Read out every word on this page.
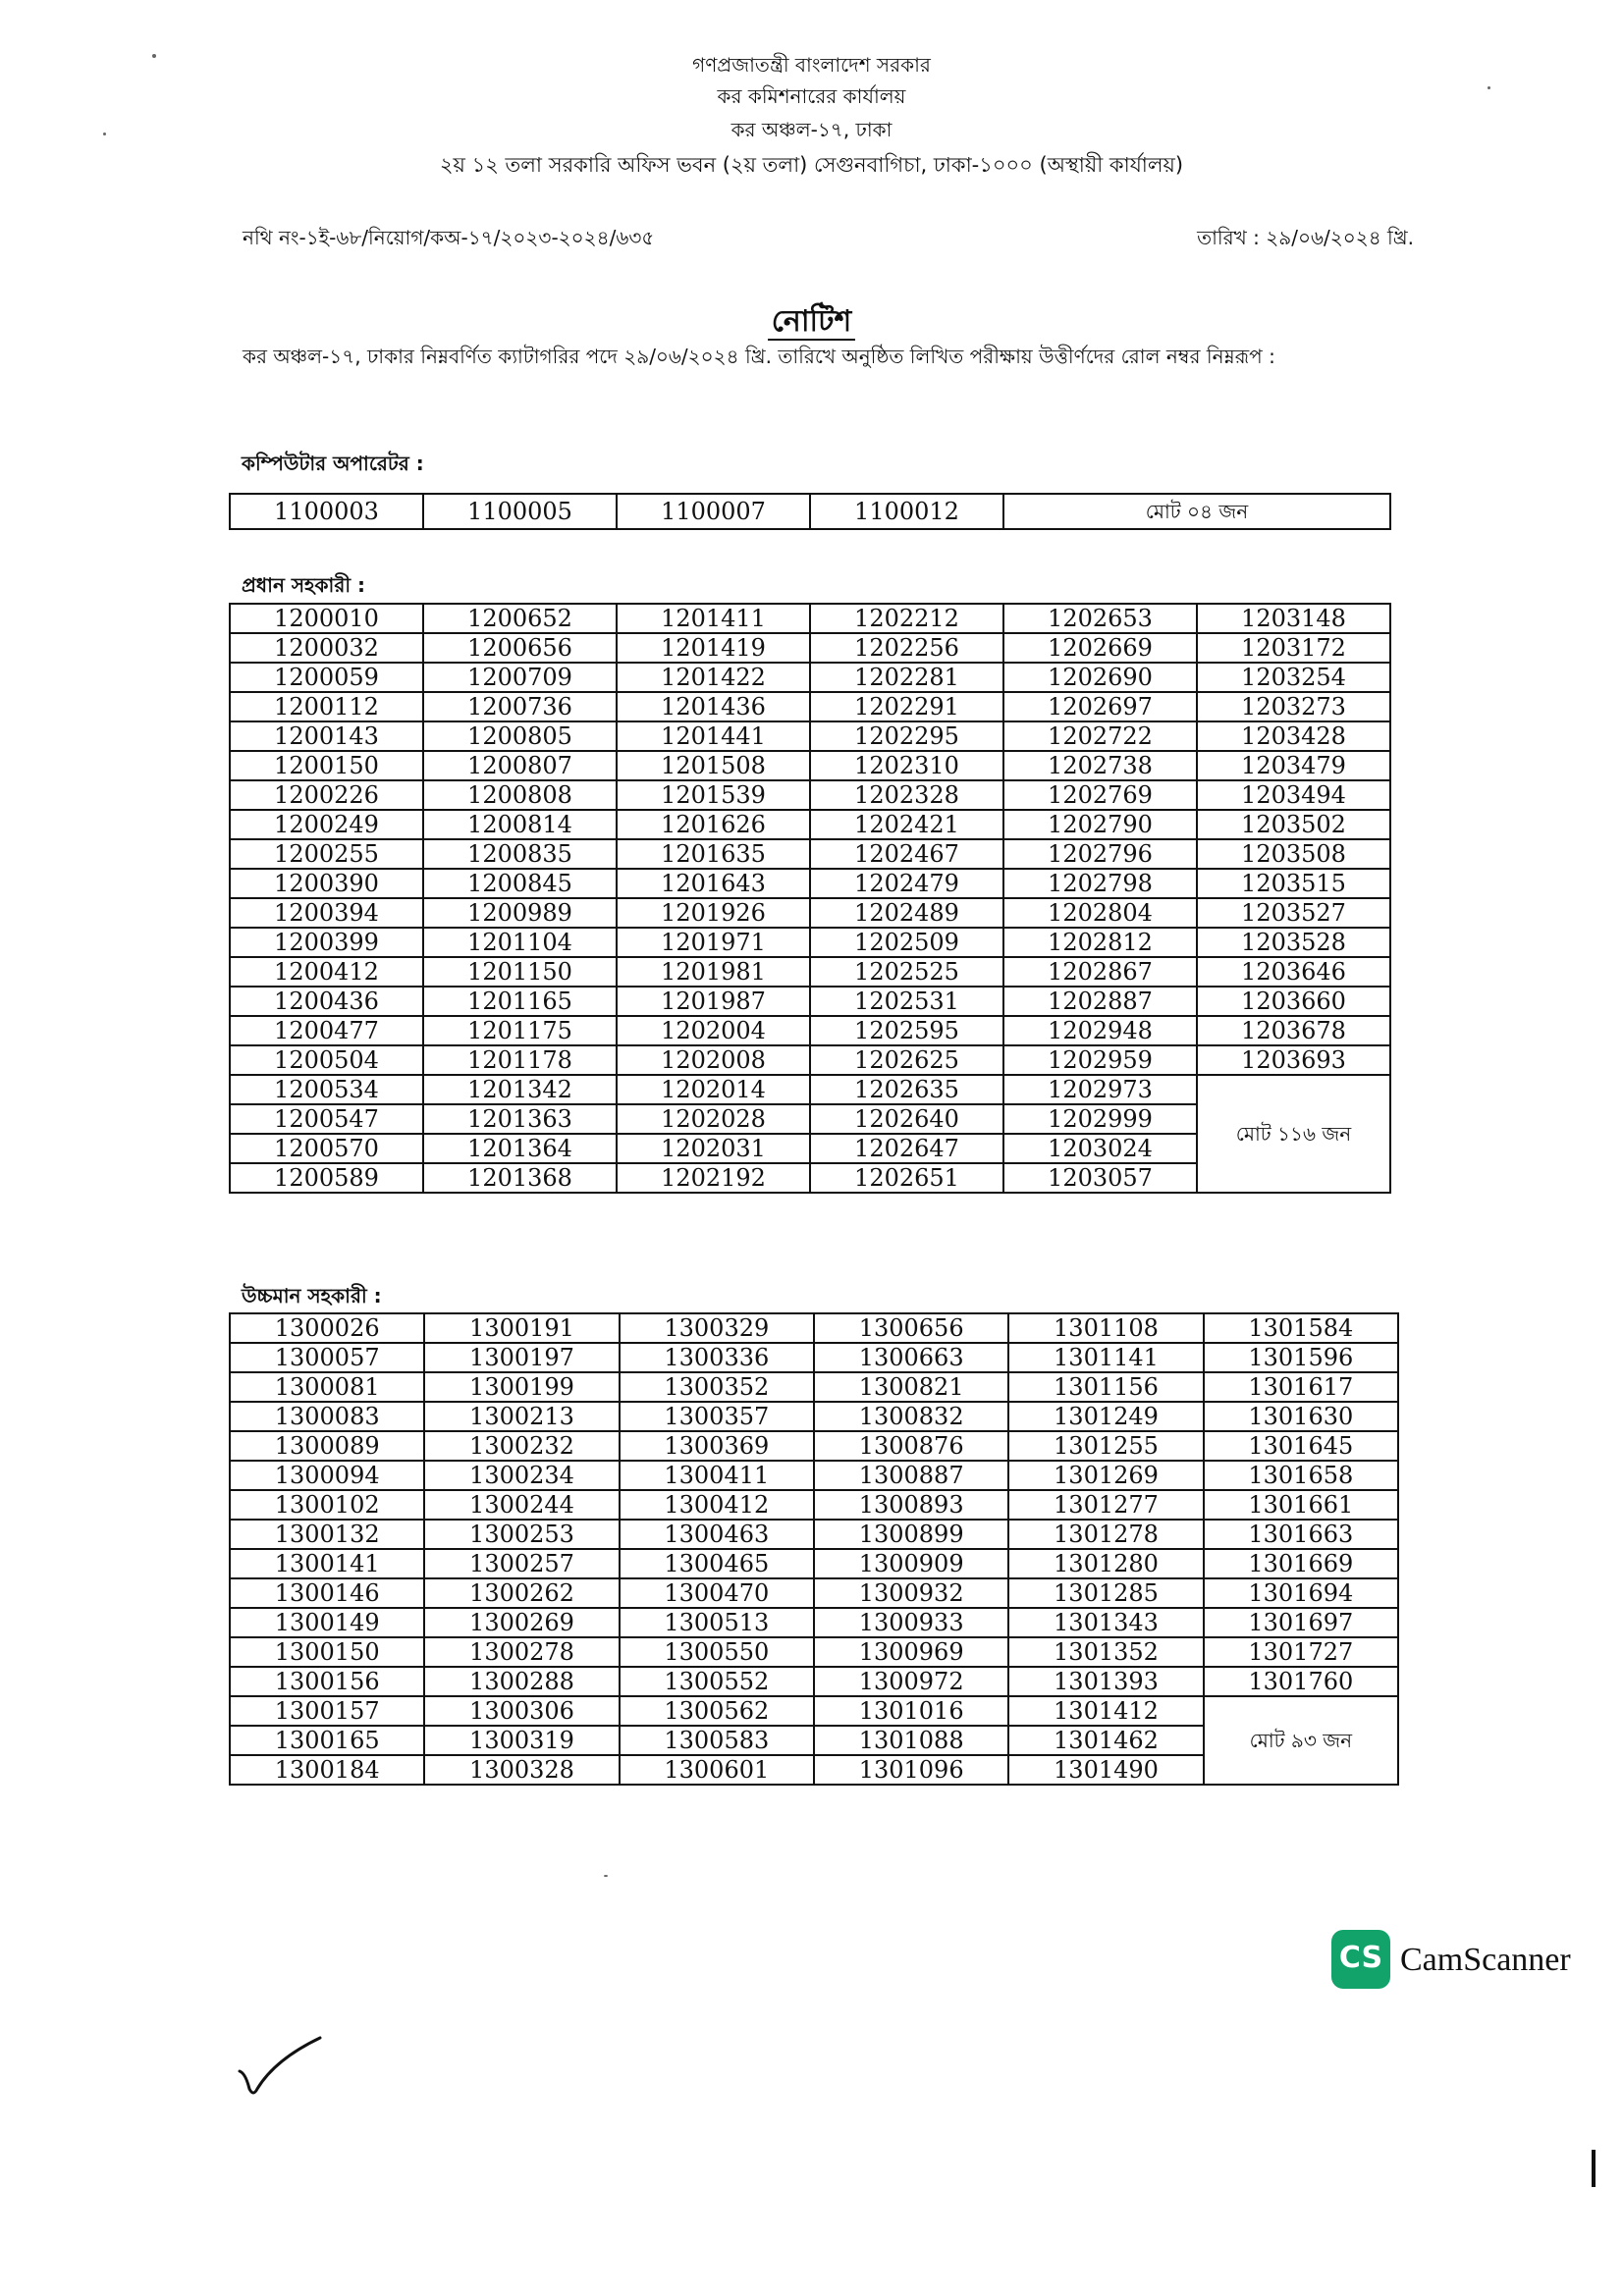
গণপ্রজাতন্ত্রী বাংলাদেশ সরকার
কর কমিশনারের কার্যালয়
কর অঞ্চল-১৭, ঢাকা
২য় ১২ তলা সরকারি অফিস ভবন (২য় তলা) সেগুনবাগিচা, ঢাকা-১০০০ (অস্থায়ী কার্যালয়)
নথি নং-১ই-৬৮/নিয়োগ/কঅ-১৭/২০২৩-২০২৪/৬৩৫	তারিখ : ২৯/০৬/২০২৪ খ্রি.
নোটিশ
কর অঞ্চল-১৭, ঢাকার নিম্নবর্ণিত ক্যাটাগরির পদে ২৯/০৬/২০২৪ খ্রি. তারিখে অনুষ্ঠিত লিখিত পরীক্ষায় উত্তীর্ণদের রোল নম্বর নিম্নরূপ :
কম্পিউটার অপারেটর :
1100003	1100005	1100007	1100012	মোট ০৪ জন
প্রধান সহকারী :
1200010	1200652	1201411	1202212	1202653	1203148
1200032	1200656	1201419	1202256	1202669	1203172
1200059	1200709	1201422	1202281	1202690	1203254
1200112	1200736	1201436	1202291	1202697	1203273
1200143	1200805	1201441	1202295	1202722	1203428
1200150	1200807	1201508	1202310	1202738	1203479
1200226	1200808	1201539	1202328	1202769	1203494
1200249	1200814	1201626	1202421	1202790	1203502
1200255	1200835	1201635	1202467	1202796	1203508
1200390	1200845	1201643	1202479	1202798	1203515
1200394	1200989	1201926	1202489	1202804	1203527
1200399	1201104	1201971	1202509	1202812	1203528
1200412	1201150	1201981	1202525	1202867	1203646
1200436	1201165	1201987	1202531	1202887	1203660
1200477	1201175	1202004	1202595	1202948	1203678
1200504	1201178	1202008	1202625	1202959	1203693
1200534	1201342	1202014	1202635	1202973	মোট ১১৬ জন
1200547	1201363	1202028	1202640	1202999	
1200570	1201364	1202031	1202647	1203024	
1200589	1201368	1202192	1202651	1203057	
উচ্চমান সহকারী :
1300026	1300191	1300329	1300656	1301108	1301584
1300057	1300197	1300336	1300663	1301141	1301596
1300081	1300199	1300352	1300821	1301156	1301617
1300083	1300213	1300357	1300832	1301249	1301630
1300089	1300232	1300369	1300876	1301255	1301645
1300094	1300234	1300411	1300887	1301269	1301658
1300102	1300244	1300412	1300893	1301277	1301661
1300132	1300253	1300463	1300899	1301278	1301663
1300141	1300257	1300465	1300909	1301280	1301669
1300146	1300262	1300470	1300932	1301285	1301694
1300149	1300269	1300513	1300933	1301343	1301697
1300150	1300278	1300550	1300969	1301352	1301727
1300156	1300288	1300552	1300972	1301393	1301760
1300157	1300306	1300562	1301016	1301412	মোট ৯৩ জন
1300165	1300319	1300583	1301088	1301462	
1300184	1300328	1300601	1301096	1301490	
CS CamScanner
